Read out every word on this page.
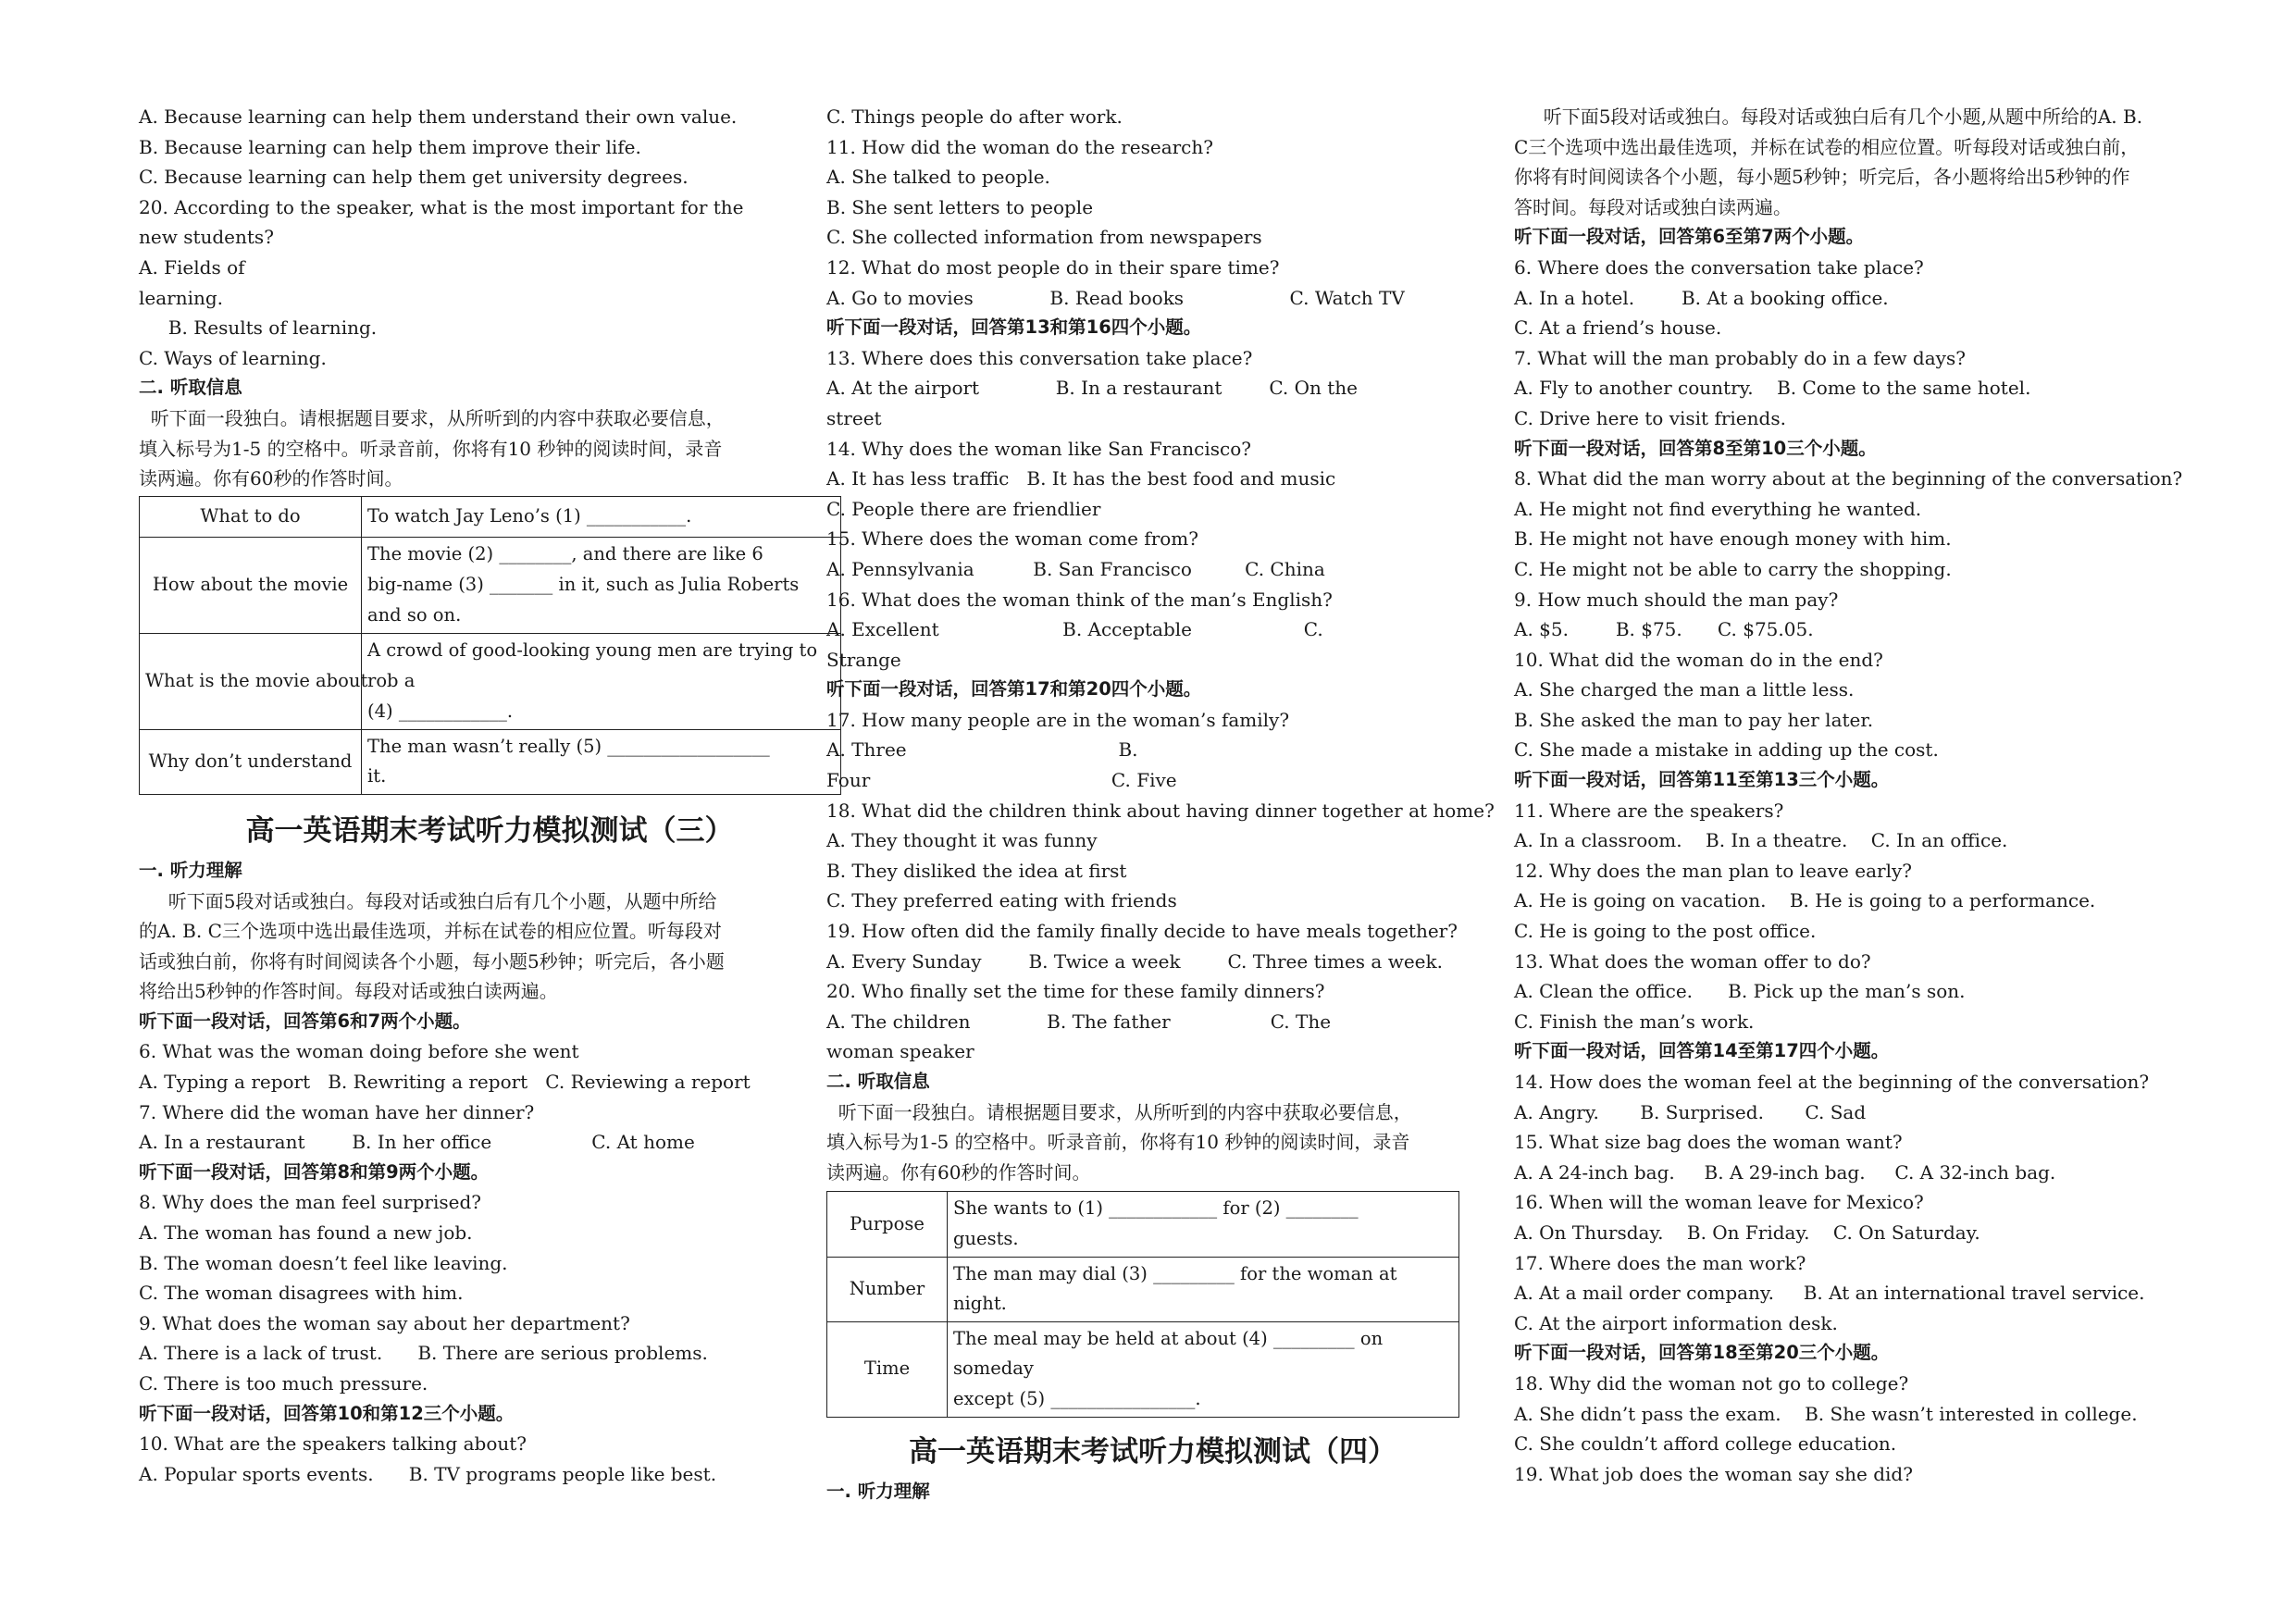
A. Because learning can help them understand their own value.
B. Because learning can help them improve their life.
C. Because learning can help them get university degrees.
20. According to the speaker, what is the most important for the
new students?
A. Fields of
learning.
B. Results of learning.
C. Ways of learning.
二. 听取信息
听下面一段独白。请根据题目要求，从所听到的内容中获取必要信息，
填入标号为1-5 的空格中。听录音前，你将有10 秒钟的阅读时间，录音
读两遍。你有60秒的作答时间。
What to do	To watch Jay Leno’s (1) ___________.
How about the movie	The movie (2) ________, and there are like 6
big-name (3) _______ in it, such as Julia Roberts
and so on.
What is the movie about	A crowd of good-looking young men are trying to
rob a
(4) ____________.
Why don’t understand	The man wasn’t really (5) __________________
it.
高一英语期末考试听力模拟测试（三）
一. 听力理解
听下面5段对话或独白。每段对话或独白后有几个小题，从题中所给
的A. B. C三个选项中选出最佳选项，并标在试卷的相应位置。听每段对
话或独白前，你将有时间阅读各个小题，每小题5秒钟；听完后，各小题
将给出5秒钟的作答时间。每段对话或独白读两遍。
听下面一段对话，回答第6和7两个小题。
6. What was the woman doing before she went
A. Typing a report   B. Rewriting a report   C. Reviewing a report
7. Where did the woman have her dinner?
A. In a restaurant        B. In her office                 C. At home
听下面一段对话，回答第8和第9两个小题。
8. Why does the man feel surprised?
A. The woman has found a new job.
B. The woman doesn’t feel like leaving.
C. The woman disagrees with him.
9. What does the woman say about her department?
A. There is a lack of trust.      B. There are serious problems.
C. There is too much pressure.
听下面一段对话，回答第10和第12三个小题。
10. What are the speakers talking about?
A. Popular sports events.      B. TV programs people like best.
C. Things people do after work.
11. How did the woman do the research?
A. She talked to people.
B. She sent letters to people
C. She collected information from newspapers
12. What do most people do in their spare time?
A. Go to movies             B. Read books                  C. Watch TV
听下面一段对话，回答第13和第16四个小题。
13. Where does this conversation take place?
A. At the airport             B. In a restaurant        C. On the
street
14. Why does the woman like San Francisco?
A. It has less traffic   B. It has the best food and music
C. People there are friendlier
15. Where does the woman come from?
A. Pennsylvania          B. San Francisco         C. China
16. What does the woman think of the man’s English?
A. Excellent                     B. Acceptable                   C.
Strange
听下面一段对话，回答第17和第20四个小题。
17. How many people are in the woman’s family?
A. Three                                    B.
Four                                         C. Five
18. What did the children think about having dinner together at home?
A. They thought it was funny
B. They disliked the idea at first
C. They preferred eating with friends
19. How often did the family finally decide to have meals together?
A. Every Sunday        B. Twice a week        C. Three times a week.
20. Who finally set the time for these family dinners?
A. The children             B. The father                 C. The
woman speaker
二. 听取信息
听下面一段独白。请根据题目要求，从所听到的内容中获取必要信息，
填入标号为1-5 的空格中。听录音前，你将有10 秒钟的阅读时间，录音
读两遍。你有60秒的作答时间。
Purpose	She wants to (1) ____________ for (2) ________
guests.
Number	The man may dial (3) _________ for the woman at
night.
Time	The meal may be held at about (4) _________ on
someday
except (5) ________________.
高一英语期末考试听力模拟测试（四）
一. 听力理解
听下面5段对话或独白。每段对话或独白后有几个小题,从题中所给的A. B.
C三个选项中选出最佳选项，并标在试卷的相应位置。听每段对话或独白前，
你将有时间阅读各个小题，每小题5秒钟；听完后，各小题将给出5秒钟的作
答时间。每段对话或独白读两遍。
听下面一段对话，回答第6至第7两个小题。
6. Where does the conversation take place?
A. In a hotel.        B. At a booking office.
C. At a friend’s house.
7. What will the man probably do in a few days?
A. Fly to another country.    B. Come to the same hotel.
C. Drive here to visit friends.
听下面一段对话，回答第8至第10三个小题。
8. What did the man worry about at the beginning of the conversation?
A. He might not find everything he wanted.
B. He might not have enough money with him.
C. He might not be able to carry the shopping.
9. How much should the man pay?
A. $5.        B. $75.      C. $75.05.
10. What did the woman do in the end?
A. She charged the man a little less.
B. She asked the man to pay her later.
C. She made a mistake in adding up the cost.
听下面一段对话，回答第11至第13三个小题。
11. Where are the speakers?
A. In a classroom.    B. In a theatre.    C. In an office.
12. Why does the man plan to leave early?
A. He is going on vacation.    B. He is going to a performance.
C. He is going to the post office.
13. What does the woman offer to do?
A. Clean the office.      B. Pick up the man’s son.
C. Finish the man’s work.
听下面一段对话，回答第14至第17四个小题。
14. How does the woman feel at the beginning of the conversation?
A. Angry.       B. Surprised.       C. Sad
15. What size bag does the woman want?
A. A 24-inch bag.     B. A 29-inch bag.     C. A 32-inch bag.
16. When will the woman leave for Mexico?
A. On Thursday.    B. On Friday.    C. On Saturday.
17. Where does the man work?
A. At a mail order company.     B. At an international travel service.
C. At the airport information desk.
听下面一段对话，回答第18至第20三个小题。
18. Why did the woman not go to college?
A. She didn’t pass the exam.    B. She wasn’t interested in college.
C. She couldn’t afford college education.
19. What job does the woman say she did?
